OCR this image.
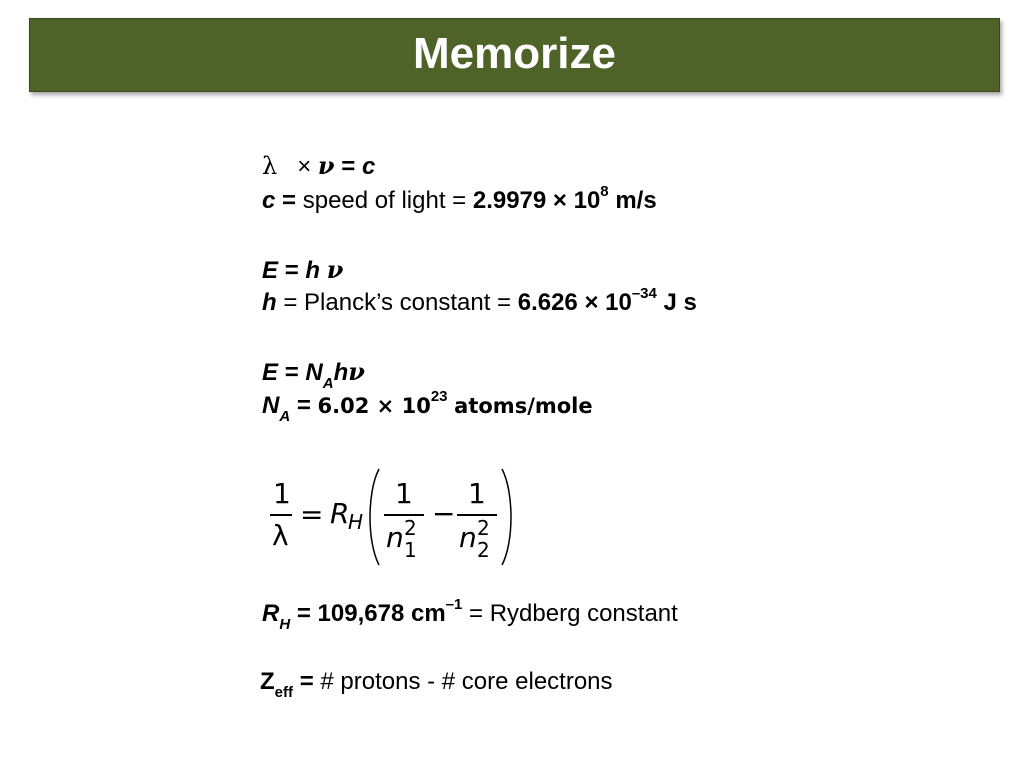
Memorize
λ × ν = c
c = speed of light = $2.9979 \times 10^8$ m/s
E = h ν
h = Planck’s constant = $6.626 \times 10^{-34}$ J s
$E = N_Ah\nu$
$N_A = 6.02 \times 10^{23}$ atoms/mole
1
λ
= R
H
1
n 2
1
−
1
n 2
2
$R_H = 109,678$ $cm^{-1}$ = Rydberg constant
$Z_{eff}$ = # protons - # core electrons
